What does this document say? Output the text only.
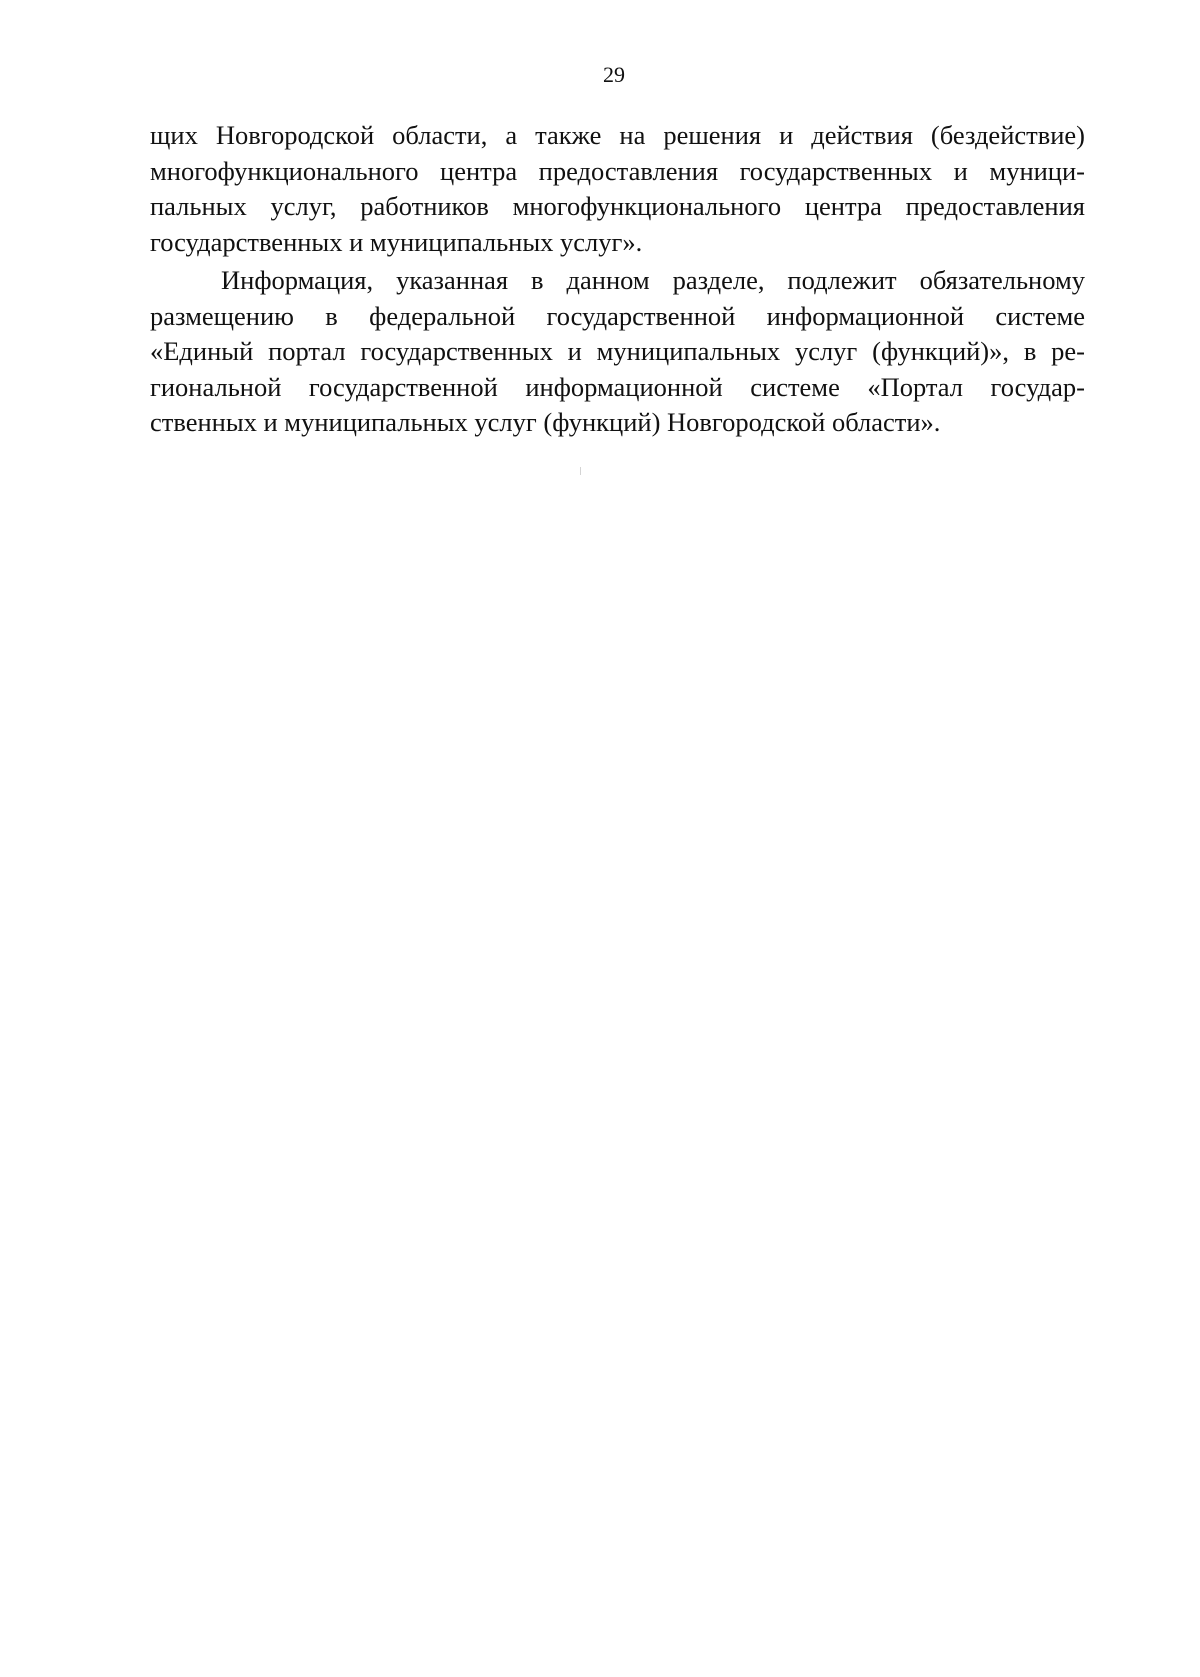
29
щих Новгородской области, а также на решения и действия (бездействие)
многофункционального центра предоставления государственных и муници-
пальных услуг, работников многофункционального центра предоставления
государственных и муниципальных услуг».
Информация, указанная в данном разделе, подлежит обязательному
размещению в федеральной государственной информационной системе
«Единый портал государственных и муниципальных услуг (функций)», в ре-
гиональной государственной информационной системе «Портал государ-
ственных и муниципальных услуг (функций) Новгородской области».
